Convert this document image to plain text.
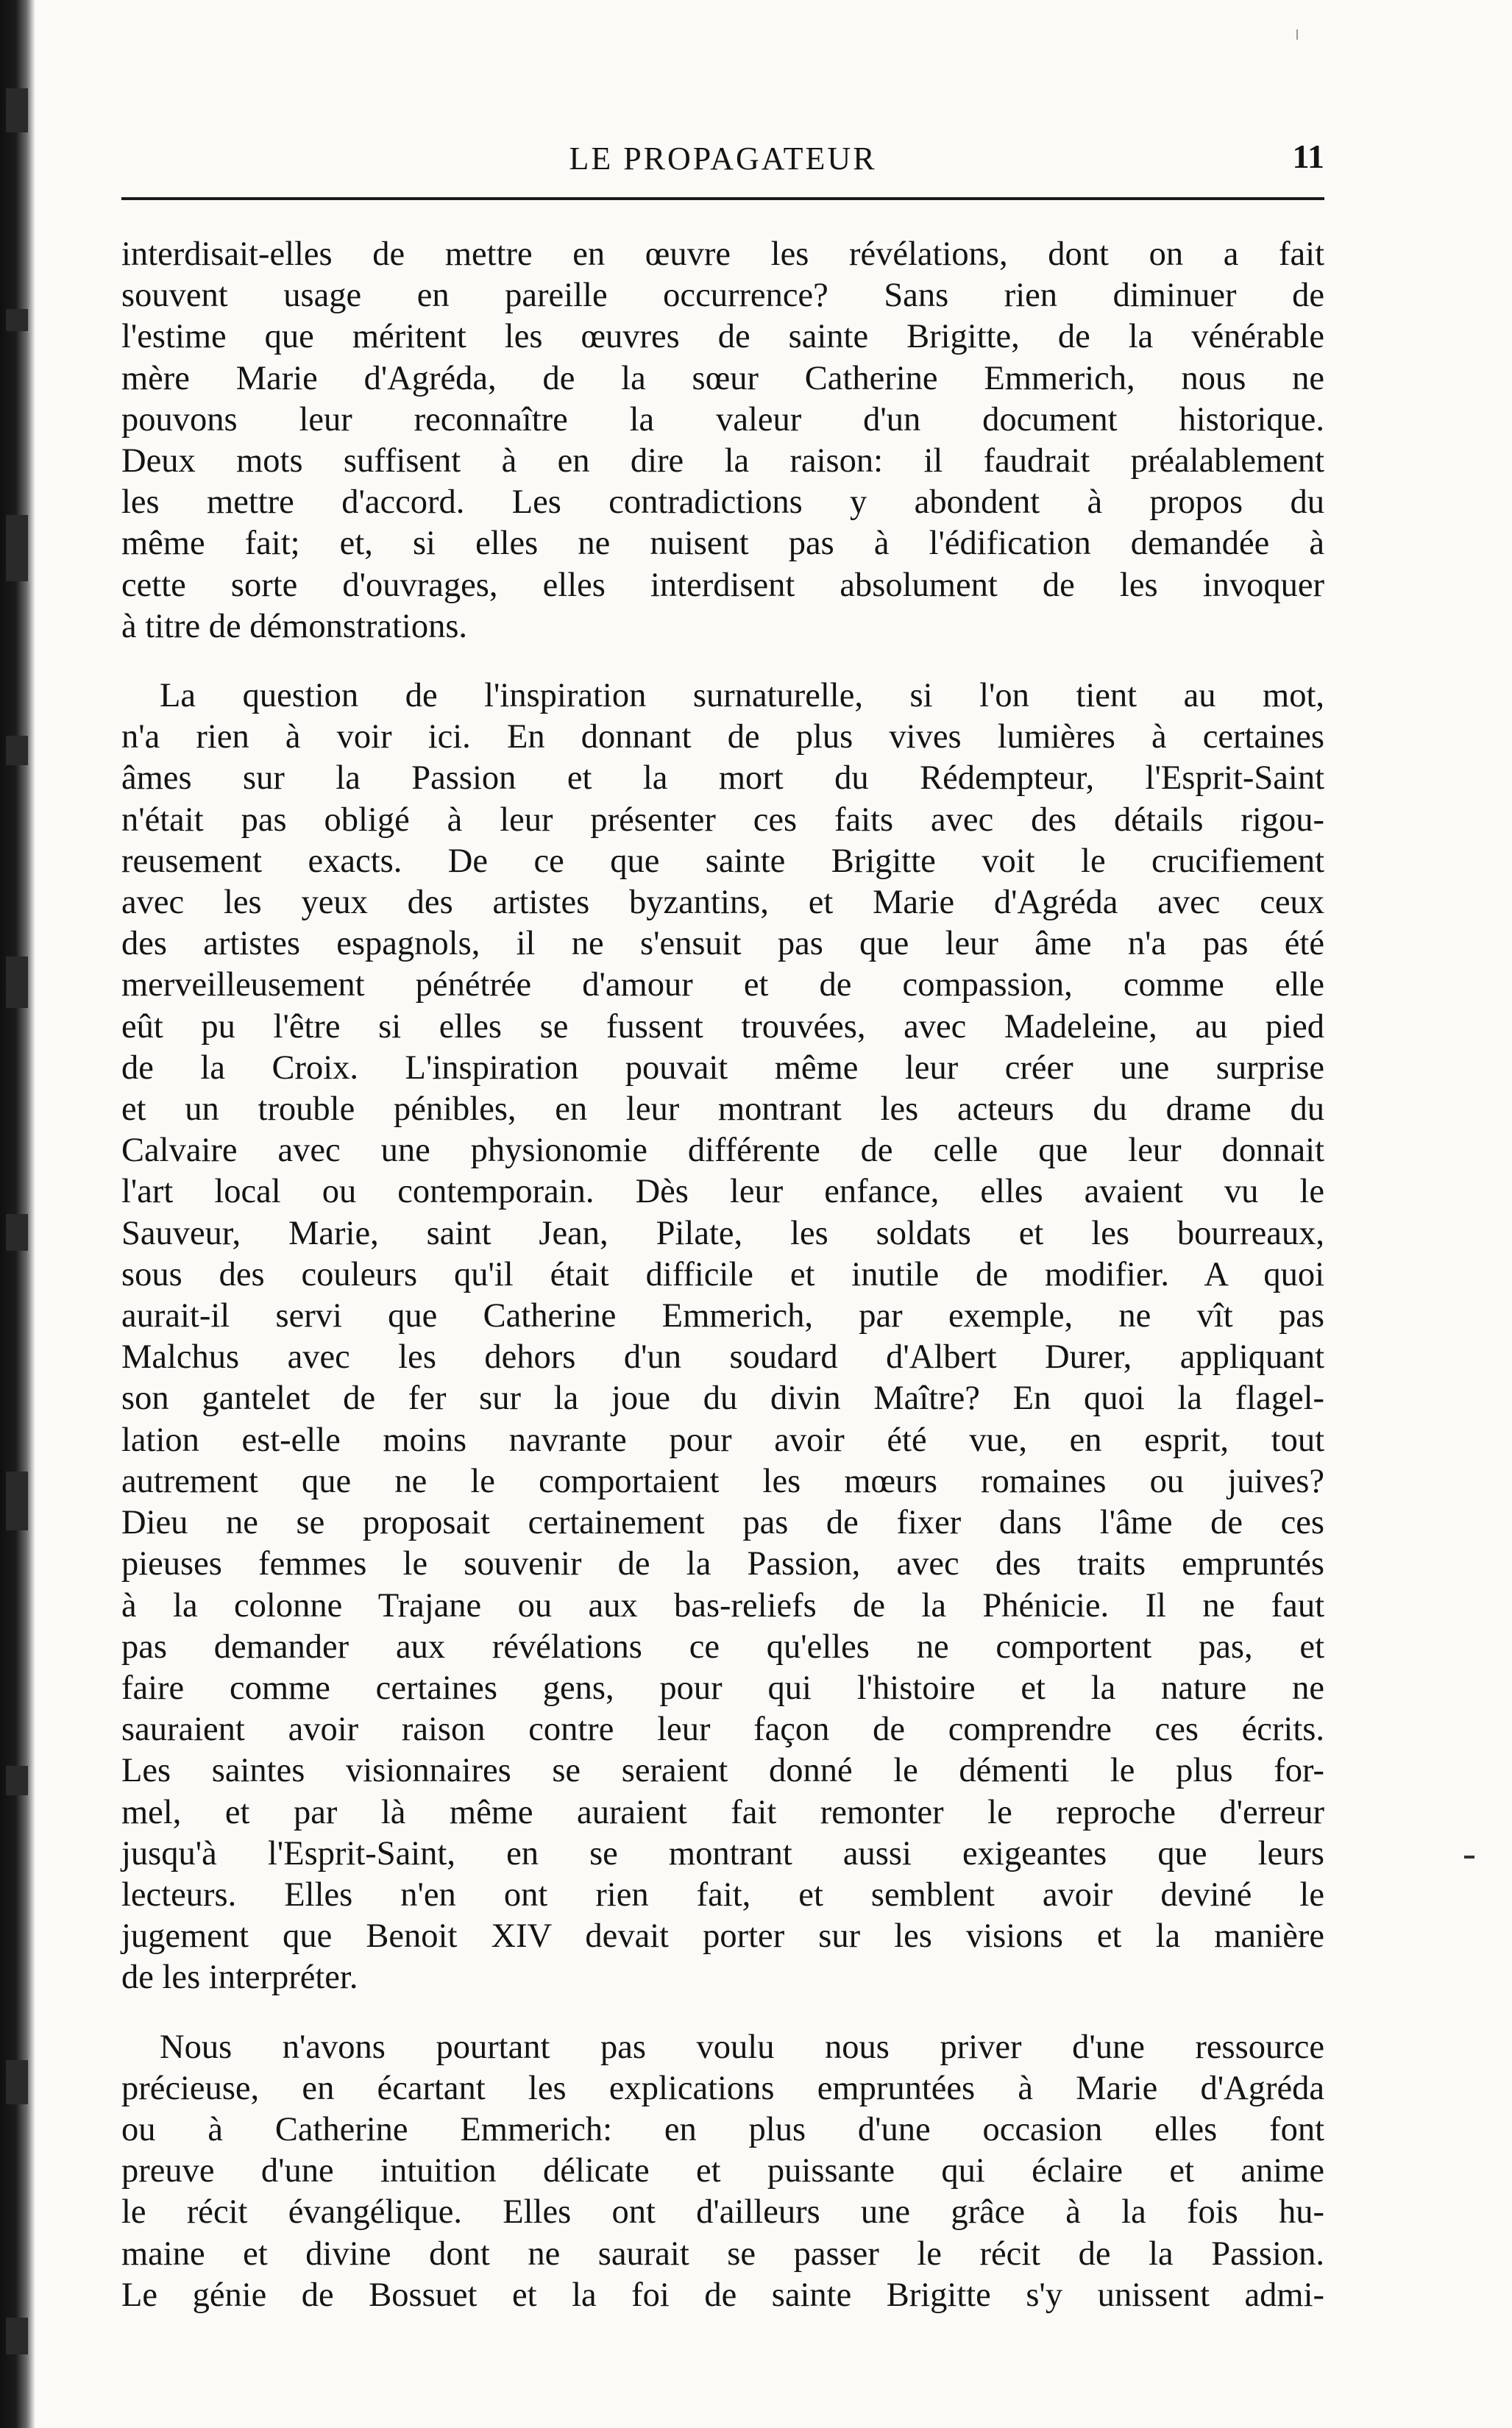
LE PROPAGATEUR	11

interdisait-elles de mettre en œuvre les révélations, dont on a fait

souvent usage en pareille occurrence? Sans rien diminuer de

l'estime que méritent les œuvres de sainte Brigitte, de la vénérable

mère Marie d'Agréda, de la sœur Catherine Emmerich, nous ne

pouvons leur reconnaître la valeur d'un document historique.

Deux mots suffisent à en dire la raison: il faudrait préalablement

les mettre d'accord. Les contradictions y abondent à propos du

même fait; et, si elles ne nuisent pas à l'édification demandée à

cette sorte d'ouvrages, elles interdisent absolument de les invoquer

à titre de démonstrations.

La question de l'inspiration surnaturelle, si l'on tient au mot,

n'a rien à voir ici. En donnant de plus vives lumières à certaines

âmes sur la Passion et la mort du Rédempteur, l'Esprit-Saint

n'était pas obligé à leur présenter ces faits avec des détails rigou-

reusement exacts. De ce que sainte Brigitte voit le crucifiement

avec les yeux des artistes byzantins, et Marie d'Agréda avec ceux

des artistes espagnols, il ne s'ensuit pas que leur âme n'a pas été

merveilleusement pénétrée d'amour et de compassion, comme elle

eût pu l'être si elles se fussent trouvées, avec Madeleine, au pied

de la Croix. L'inspiration pouvait même leur créer une surprise

et un trouble pénibles, en leur montrant les acteurs du drame du

Calvaire avec une physionomie différente de celle que leur donnait

l'art local ou contemporain. Dès leur enfance, elles avaient vu le

Sauveur, Marie, saint Jean, Pilate, les soldats et les bourreaux,

sous des couleurs qu'il était difficile et inutile de modifier. A quoi

aurait-il servi que Catherine Emmerich, par exemple, ne vît pas

Malchus avec les dehors d'un soudard d'Albert Durer, appliquant

son gantelet de fer sur la joue du divin Maître? En quoi la flagel-

lation est-elle moins navrante pour avoir été vue, en esprit, tout

autrement que ne le comportaient les mœurs romaines ou juives?

Dieu ne se proposait certainement pas de fixer dans l'âme de ces

pieuses femmes le souvenir de la Passion, avec des traits empruntés

à la colonne Trajane ou aux bas-reliefs de la Phénicie. Il ne faut

pas demander aux révélations ce qu'elles ne comportent pas, et

faire comme certaines gens, pour qui l'histoire et la nature ne

sauraient avoir raison contre leur façon de comprendre ces écrits.

Les saintes visionnaires se seraient donné le démenti le plus for-

mel, et par là même auraient fait remonter le reproche d'erreur

jusqu'à l'Esprit-Saint, en se montrant aussi exigeantes que leurs

lecteurs. Elles n'en ont rien fait, et semblent avoir deviné le

jugement que Benoit XIV devait porter sur les visions et la manière

de les interpréter.

Nous n'avons pourtant pas voulu nous priver d'une ressource

précieuse, en écartant les explications empruntées à Marie d'Agréda

ou à Catherine Emmerich: en plus d'une occasion elles font

preuve d'une intuition délicate et puissante qui éclaire et anime

le récit évangélique. Elles ont d'ailleurs une grâce à la fois hu-

maine et divine dont ne saurait se passer le récit de la Passion.

Le génie de Bossuet et la foi de sainte Brigitte s'y unissent admi-
